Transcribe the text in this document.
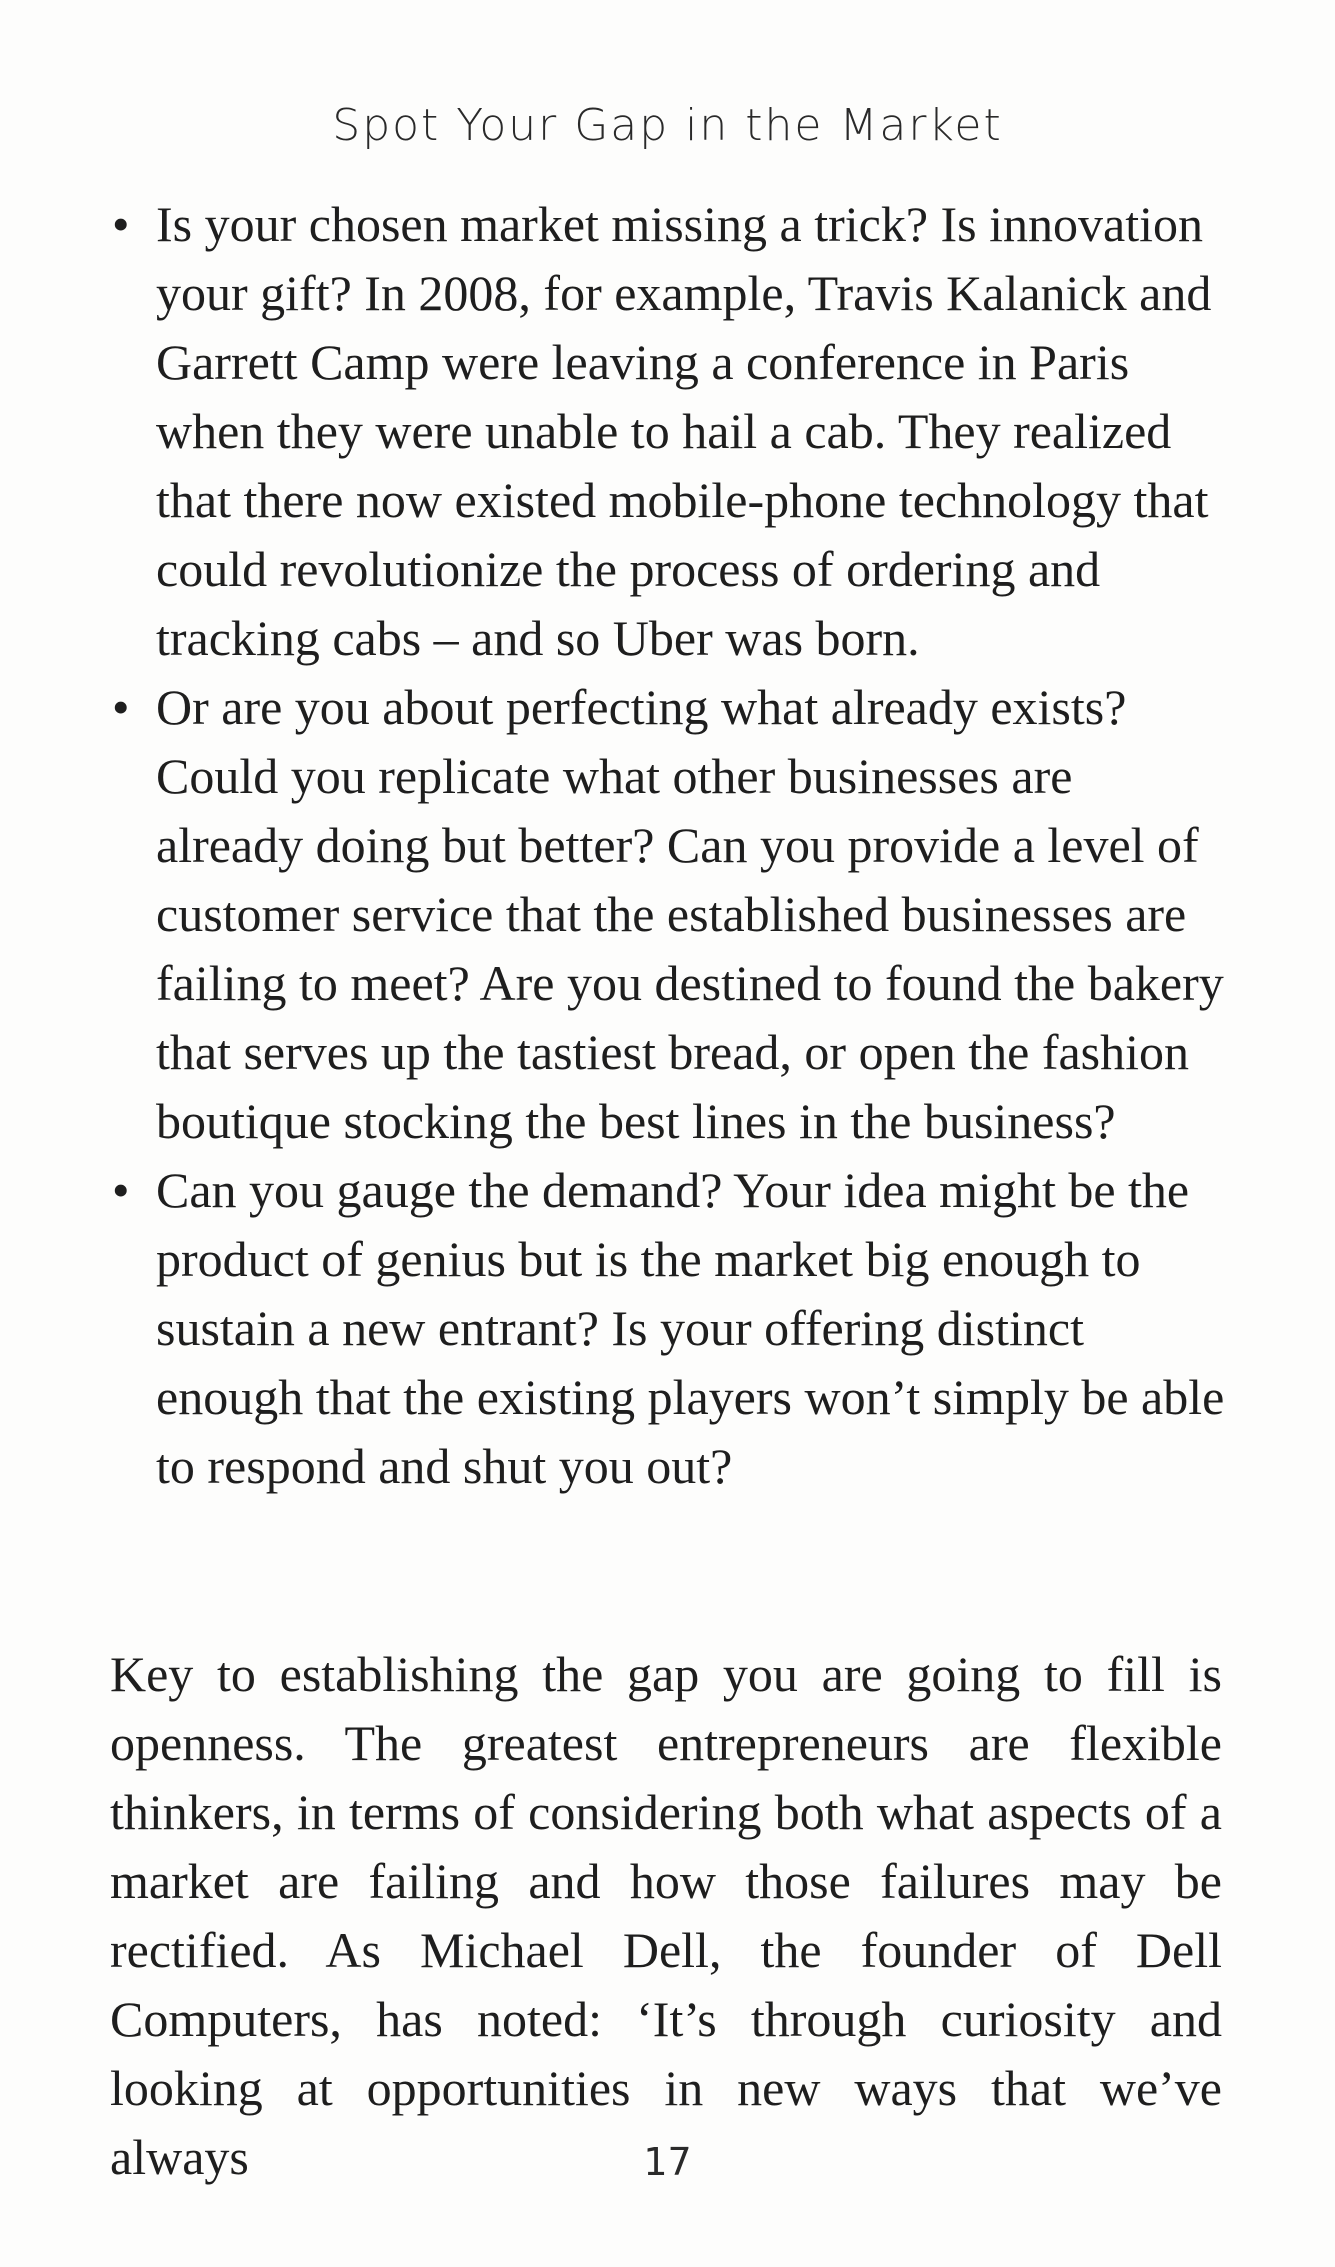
Spot Your Gap in the Market
• Is your chosen market missing a trick? Is innovation your gift? In 2008, for example, Travis Kalanick and Garrett Camp were leaving a conference in Paris when they were unable to hail a cab. They realized that there now existed mobile-phone technology that could revolutionize the process of ordering and tracking cabs – and so Uber was born.
• Or are you about perfecting what already exists? Could you replicate what other businesses are already doing but better? Can you provide a level of customer service that the established businesses are failing to meet? Are you destined to found the bakery that serves up the tastiest bread, or open the fashion boutique stocking the best lines in the business?
• Can you gauge the demand? Your idea might be the product of genius but is the market big enough to sustain a new entrant? Is your offering distinct enough that the existing players won’t simply be able to respond and shut you out?

Key to establishing the gap you are going to fill is openness. The greatest entrepreneurs are flexible thinkers, in terms of considering both what aspects of a market are failing and how those failures may be rectified. As Michael Dell, the founder of Dell Computers, has noted: ‘It’s through curiosity and looking at opportunities in new ways that we’ve always	17
